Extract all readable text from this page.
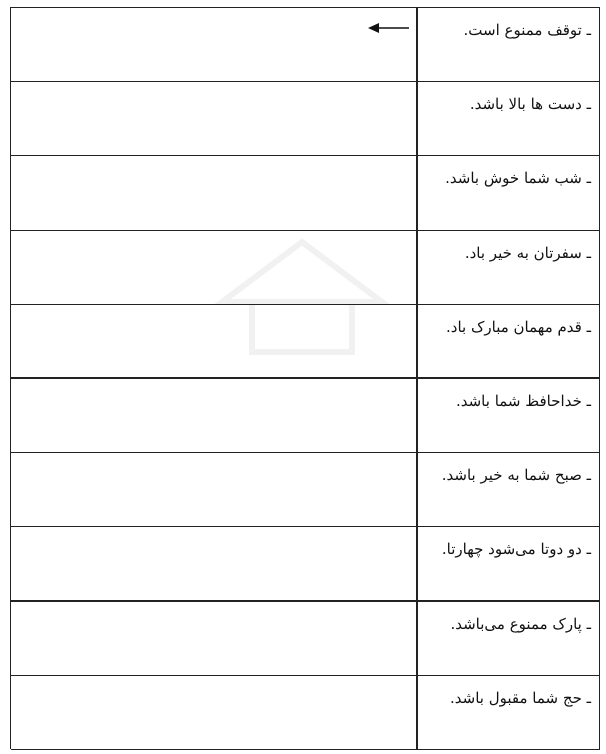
ـ توقف ممنوع است.
ـ دست ها بالا باشد.
ـ شب شما خوش باشد.
ـ سفرتان به خیر باد.
ـ قدم مهمان مبارک باد.
ـ خداحافظ شما باشد.
ـ صبح شما به خیر باشد.
ـ دو دوتا می‌شود چهارتا.
ـ پارک ممنوع می‌باشد.
ـ حج شما مقبول باشد.
